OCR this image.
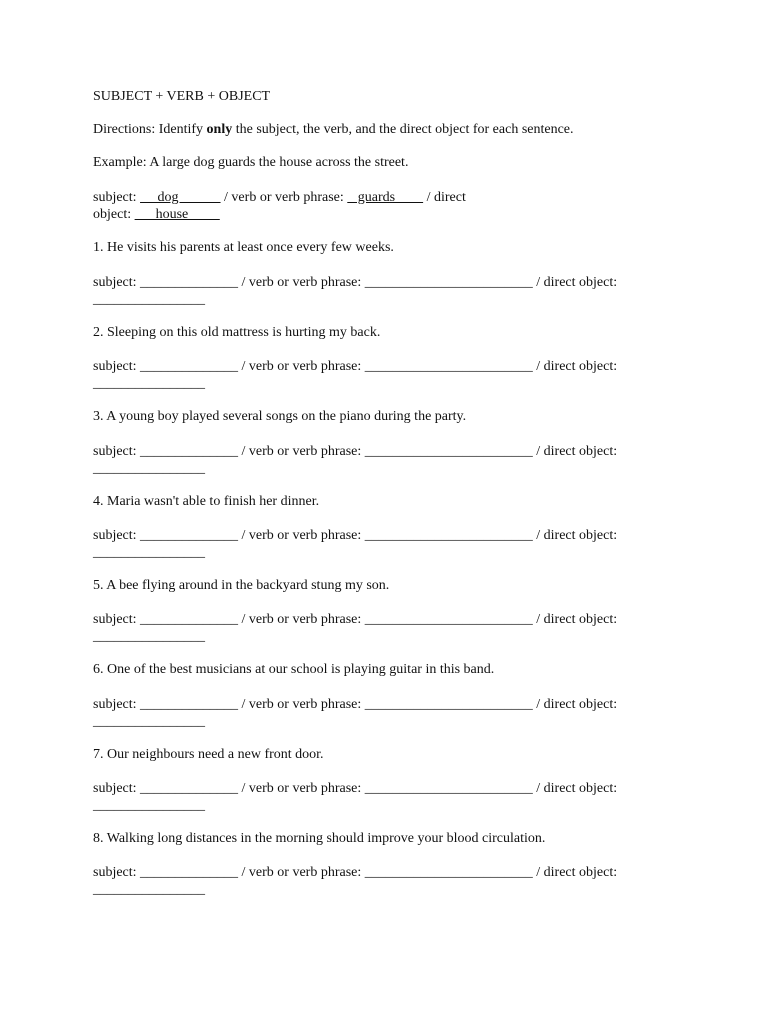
SUBJECT + VERB + OBJECT
Directions: Identify only the subject, the verb, and the direct object for each sentence.
Example: A large dog guards the house across the street.
subject:      dog             / verb or verb phrase:    guards         / direct
object:       house
1. He visits his parents at least once every few weeks.
subject: ______________ / verb or verb phrase: ________________________ / direct object:
________________
2. Sleeping on this old mattress is hurting my back.
subject: ______________ / verb or verb phrase: ________________________ / direct object:
________________
3. A young boy played several songs on the piano during the party.
subject: ______________ / verb or verb phrase: ________________________ / direct object:
________________
4. Maria wasn't able to finish her dinner.
subject: ______________ / verb or verb phrase: ________________________ / direct object:
________________
5. A bee flying around in the backyard stung my son.
subject: ______________ / verb or verb phrase: ________________________ / direct object:
________________
6. One of the best musicians at our school is playing guitar in this band.
subject: ______________ / verb or verb phrase: ________________________ / direct object:
________________
7. Our neighbours need a new front door.
subject: ______________ / verb or verb phrase: ________________________ / direct object:
________________
8. Walking long distances in the morning should improve your blood circulation.
subject: ______________ / verb or verb phrase: ________________________ / direct object:
________________
